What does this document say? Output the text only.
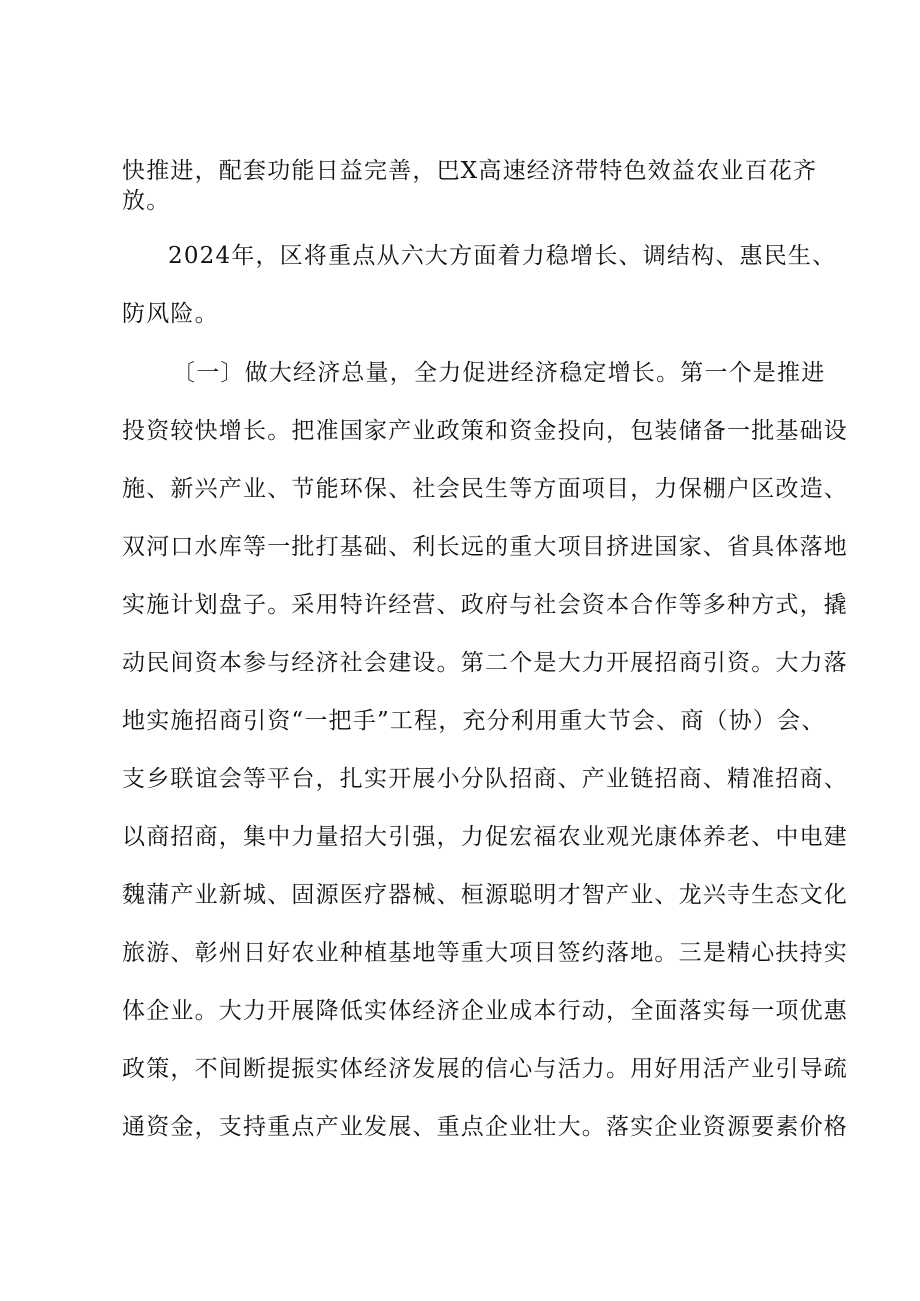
快推进，配套功能日益完善，巴X高速经济带特色效益农业百花齐
放。
2024年，区将重点从六大方面着力稳增长、调结构、惠民生、
防风险。
〔一〕做大经济总量，全力促进经济稳定增长。第一个是推进
投资较快增长。把准国家产业政策和资金投向，包装储备一批基础设
施、新兴产业、节能环保、社会民生等方面项目，力保棚户区改造、
双河口水库等一批打基础、利长远的重大项目挤进国家、省具体落地
实施计划盘子。采用特许经营、政府与社会资本合作等多种方式，撬
动民间资本参与经济社会建设。第二个是大力开展招商引资。大力落
地实施招商引资“一把手”工程，充分利用重大节会、商（协）会、
支乡联谊会等平台，扎实开展小分队招商、产业链招商、精准招商、
以商招商，集中力量招大引强，力促宏福农业观光康体养老、中电建
魏蒲产业新城、固源医疗器械、桓源聪明才智产业、龙兴寺生态文化
旅游、彰州日好农业种植基地等重大项目签约落地。三是精心扶持实
体企业。大力开展降低实体经济企业成本行动，全面落实每一项优惠
政策，不间断提振实体经济发展的信心与活力。用好用活产业引导疏
通资金，支持重点产业发展、重点企业壮大。落实企业资源要素价格
